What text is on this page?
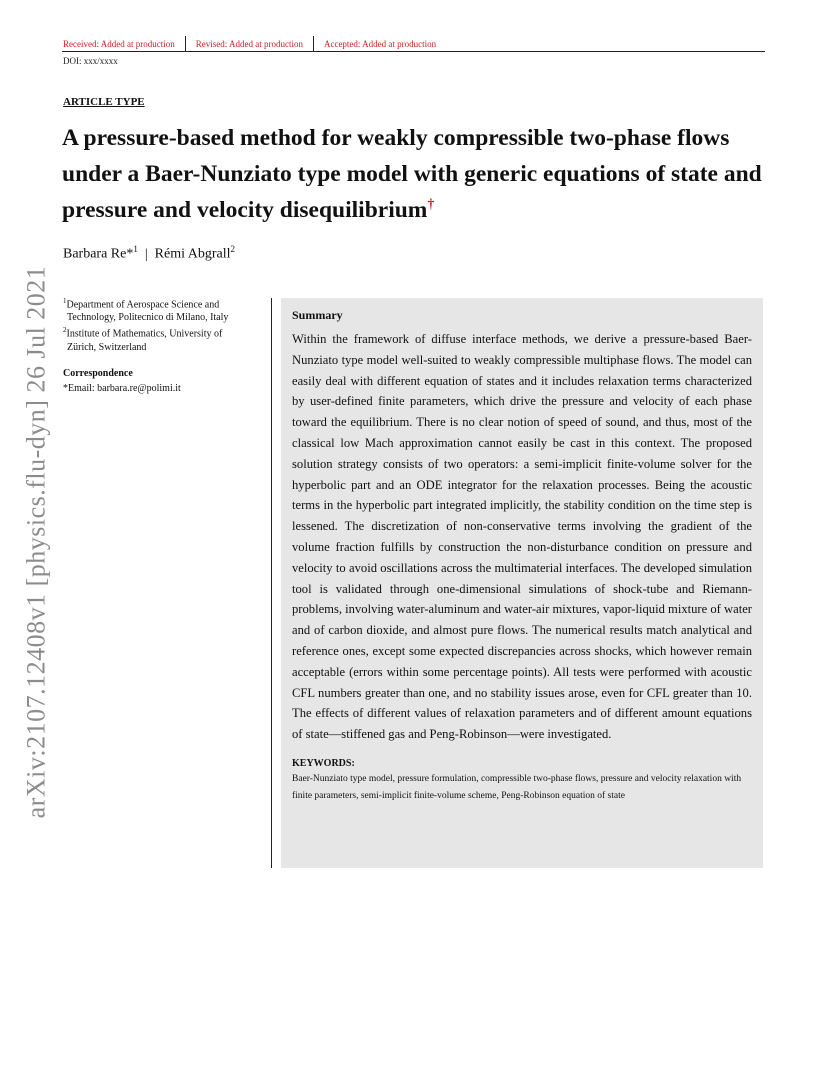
arXiv:2107.12408v1 [physics.flu-dyn] 26 Jul 2021
Received: Added at production	Revised: Added at production	Accepted: Added at production
DOI: xxx/xxxx
ARTICLE TYPE
A pressure-based method for weakly compressible two-phase flows under a Baer-Nunziato type model with generic equations of state and pressure and velocity disequilibrium†
Barbara Re*$^1$ | Rémi Abgrall$^2$

$^1$Department of Aerospace Science and

Technology, Politecnico di Milano, Italy

$^2$Institute of Mathematics, University of

Zürich, Switzerland

Correspondence
*Email: barbara.re@polimi.it
Summary

Within the framework of diffuse interface methods, we derive a pressure-based Baer-Nunziato type model well-suited to weakly compressible multiphase flows. The model can easily deal with different equation of states and it includes relaxation terms characterized by user-defined finite parameters, which drive the pressure and velocity of each phase toward the equilibrium. There is no clear notion of speed of sound, and thus, most of the classical low Mach approximation cannot easily be cast in this context. The proposed solution strategy consists of two operators: a semi-implicit finite-volume solver for the hyperbolic part and an ODE integrator for the relaxation processes. Being the acoustic terms in the hyperbolic part integrated implicitly, the stability condition on the time step is lessened. The discretization of non-conservative terms involving the gradient of the volume fraction fulfills by construction the non-disturbance condition on pressure and velocity to avoid oscillations across the multimaterial interfaces. The developed simulation tool is validated through one-dimensional simulations of shock-tube and Riemann-problems, involving water-aluminum and water-air mixtures, vapor-liquid mixture of water and of carbon dioxide, and almost pure flows. The numerical results match analytical and reference ones, except some expected discrepancies across shocks, which however remain acceptable (errors within some percentage points). All tests were performed with acoustic CFL numbers greater than one, and no stability issues arose, even for CFL greater than 10. The effects of different values of relaxation parameters and of different amount equations of state—stiffened gas and Peng-Robinson—were investigated.

KEYWORDS:
Baer-Nunziato type model, pressure formulation, compressible two-phase flows, pressure and velocity relaxation with finite parameters, semi-implicit finite-volume scheme, Peng-Robinson equation of state
